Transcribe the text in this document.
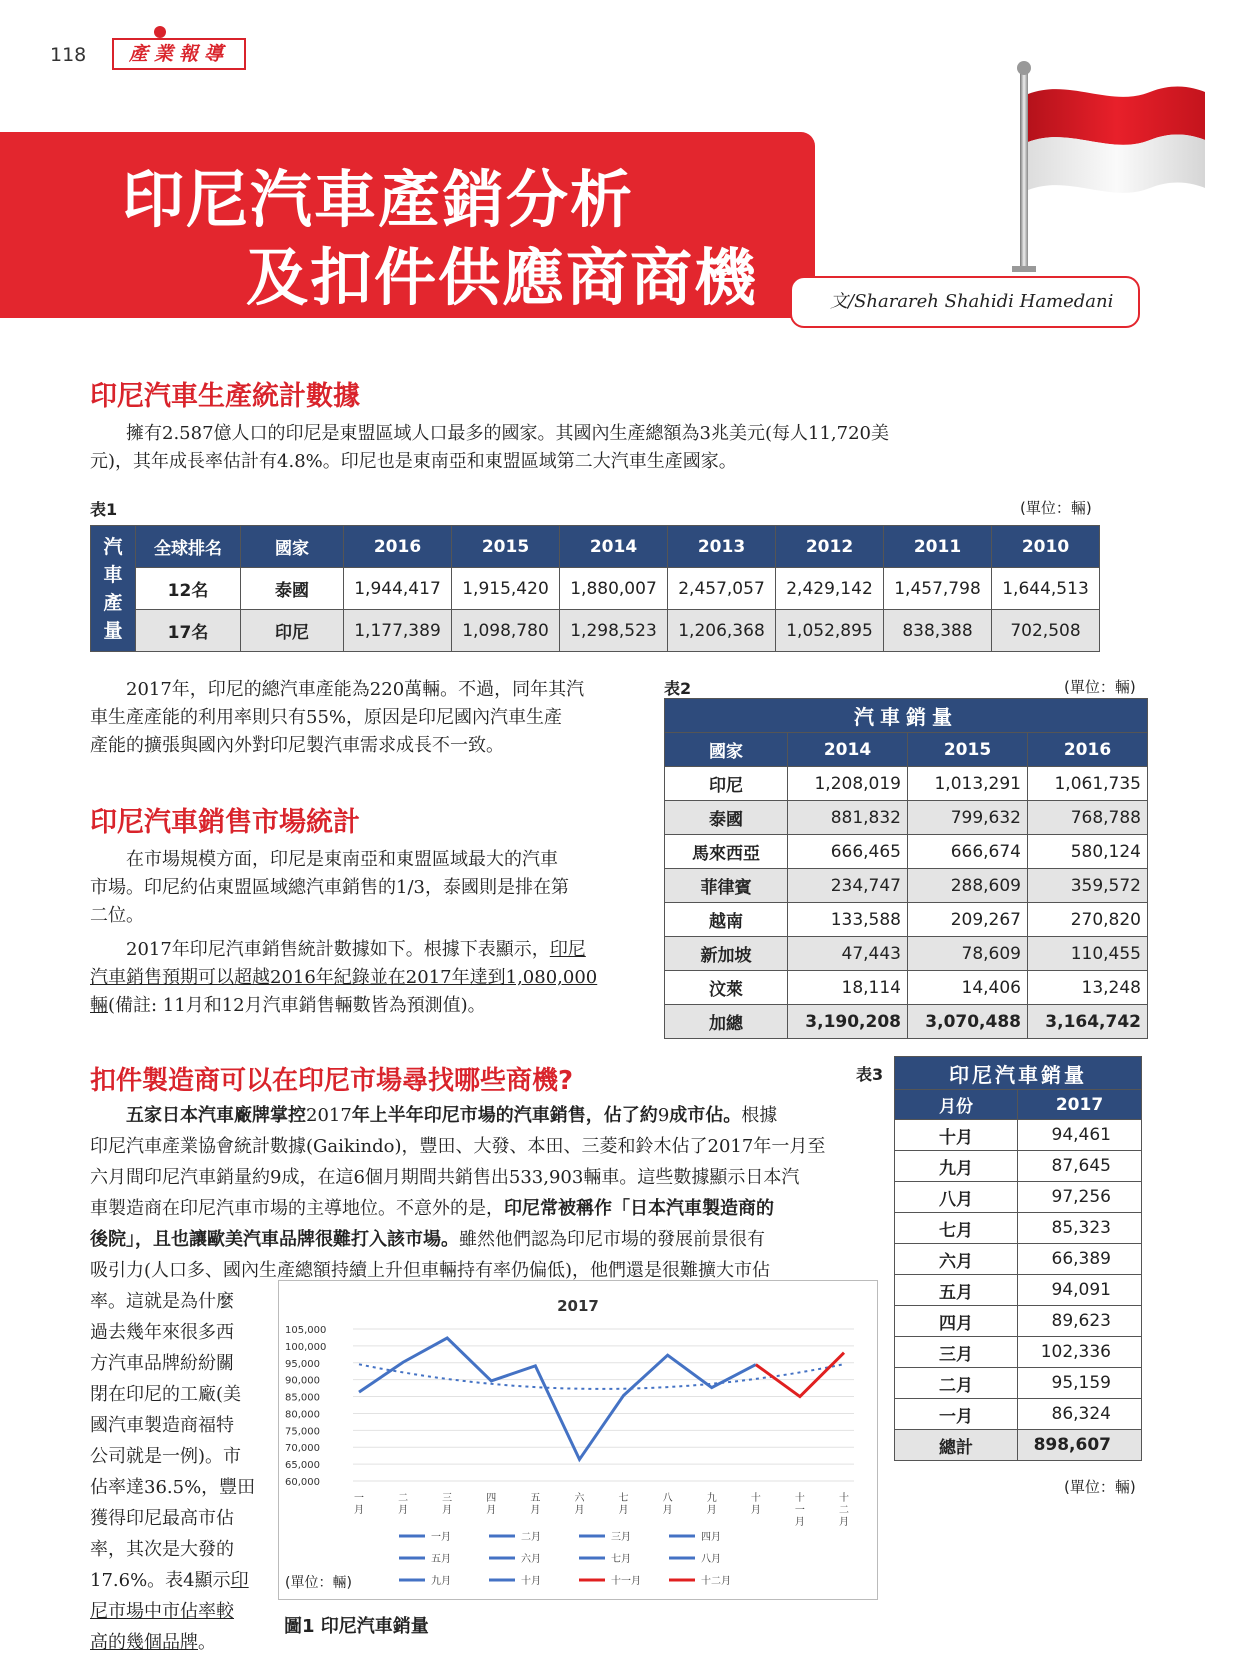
118	產業報導
印尼汽車產銷分析
及扣件供應商商機	文/Sharareh Shahidi Hamedani
印尼汽車生產統計數據
擁有2.587億人口的印尼是東盟區域人口最多的國家。其國內生產總額為3兆美元(每人11,720美
元)，其年成長率估計有4.8%。印尼也是東南亞和東盟區域第二大汽車生產國家。
表1	(單位：輛)
汽
車
產
量	全球排名	國家	2016	2015	2014	2013	2012	2011	2010
	12名	泰國	1,944,417	1,915,420	1,880,007	2,457,057	2,429,142	1,457,798	1,644,513
	17名	印尼	1,177,389	1,098,780	1,298,523	1,206,368	1,052,895	838,388	702,508
2017年，印尼的總汽車產能為220萬輛。不過，同年其汽
車生產產能的利用率則只有55%，原因是印尼國內汽車生產
產能的擴張與國內外對印尼製汽車需求成長不一致。
印尼汽車銷售市場統計
在市場規模方面，印尼是東南亞和東盟區域最大的汽車
市場。印尼約佔東盟區域總汽車銷售的1/3，泰國則是排在第
二位。
2017年印尼汽車銷售統計數據如下。根據下表顯示，印尼
汽車銷售預期可以超越2016年紀錄並在2017年達到1,080,000
輛(備註: 11月和12月汽車銷售輛數皆為預測值)。
表2	(單位：輛)
汽車銷量			
國家	2014	2015	2016
印尼	1,208,019	1,013,291	1,061,735
泰國	881,832	799,632	768,788
馬來西亞	666,465	666,674	580,124
菲律賓	234,747	288,609	359,572
越南	133,588	209,267	270,820
新加坡	47,443	78,609	110,455
汶萊	18,114	14,406	13,248
加總	3,190,208	3,070,488	3,164,742
扣件製造商可以在印尼市場尋找哪些商機?
五家日本汽車廠牌掌控2017年上半年印尼市場的汽車銷售，佔了約9成市佔。根據
印尼汽車產業協會統計數據(Gaikindo)，豐田、大發、本田、三菱和鈴木佔了2017年一月至
六月間印尼汽車銷量約9成，在這6個月期間共銷售出533,903輛車。這些數據顯示日本汽
車製造商在印尼汽車市場的主導地位。不意外的是，印尼常被稱作「日本汽車製造商的
後院」，且也讓歐美汽車品牌很難打入該市場。雖然他們認為印尼市場的發展前景很有
吸引力(人口多、國內生產總額持續上升但車輛持有率仍偏低)，他們還是很難擴大市佔
率。這就是為什麼
過去幾年來很多西
方汽車品牌紛紛關
閉在印尼的工廠(美
國汽車製造商福特
公司就是一例)。市
佔率達36.5%，豐田
獲得印尼最高市佔
率，其次是大發的
17.6%。表4顯示印
尼市場中市佔率較
高的幾個品牌。
表3	印尼汽車銷量	
月份	2017
十月	94,461
九月	87,645
八月	97,256
七月	85,323
六月	66,389
五月	94,091
四月	89,623
三月	102,336
二月	95,159
一月	86,324
總計	898,607
(單位：輛)
2017
105,000
100,000
95,000
90,000
85,000
80,000
75,000
70,000
65,000
60,000
一月
二月
三月
四月
五月
六月
七月
八月
九月
十月
十一月
十二月
一月	二月	三月	四月
五月	六月	七月	八月
九月	十月	十一月	十二月
(單位：輛)
圖1 印尼汽車銷量
